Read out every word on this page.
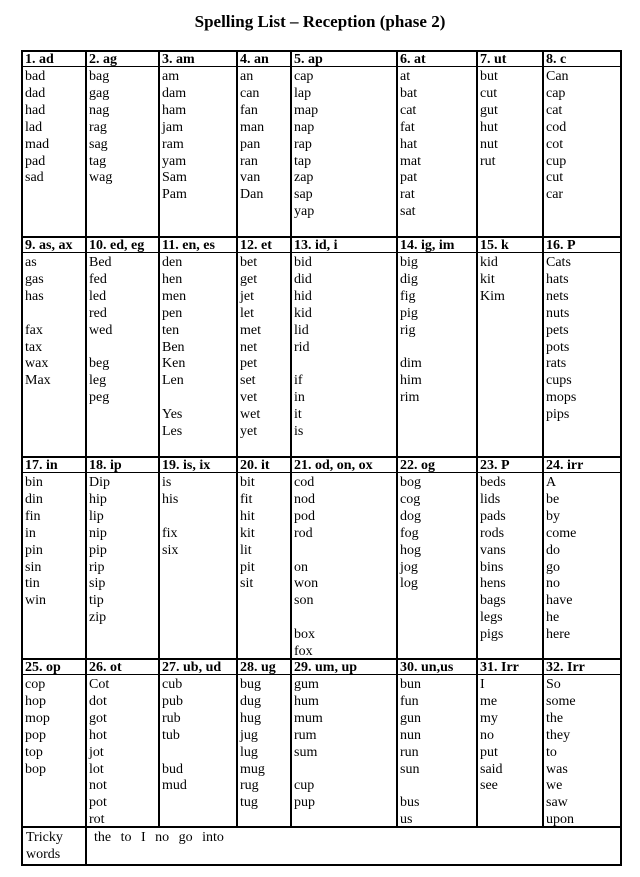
Spelling List – Reception (phase 2)
1. ad
bad
dad
had
lad
mad
pad
sad
2. ag
bag
gag
nag
rag
sag
tag
wag
3. am
am
dam
ham
jam
ram
yam
Sam
Pam
4. an
an
can
fan
man
pan
ran
van
Dan
5. ap
cap
lap
map
nap
rap
tap
zap
sap
yap
6. at
at
bat
cat
fat
hat
mat
pat
rat
sat
7. ut
but
cut
gut
hut
nut
rut
8. c
Can
cap
cat
cod
cot
cup
cut
car
9. as, ax
as
gas
has
fax
tax
wax
Max
10. ed, eg
Bed
fed
led
red
wed
beg
leg
peg
11. en, es
den
hen
men
pen
ten
Ben
Ken
Len
Yes
Les
12. et
bet
get
jet
let
met
net
pet
set
vet
wet
yet
13. id, i
bid
did
hid
kid
lid
rid
if
in
it
is
14. ig, im
big
dig
fig
pig
rig
dim
him
rim
15. k
kid
kit
Kim
16. P
Cats
hats
nets
nuts
pets
pots
rats
cups
mops
pips
17. in
bin
din
fin
in
pin
sin
tin
win
18. ip
Dip
hip
lip
nip
pip
rip
sip
tip
zip
19. is, ix
is
his
fix
six
20. it
bit
fit
hit
kit
lit
pit
sit
21. od, on, ox
cod
nod
pod
rod
on
won
son
box
fox
22. og
bog
cog
dog
fog
hog
jog
log
23. P
beds
lids
pads
rods
vans
bins
hens
bags
legs
pigs
24. irr
A
be
by
come
do
go
no
have
he
here
25. op
cop
hop
mop
pop
top
bop
26. ot
Cot
dot
got
hot
jot
lot
not
pot
rot
27. ub, ud
cub
pub
rub
tub
bud
mud
28. ug
bug
dug
hug
jug
lug
mug
rug
tug
29. um, up
gum
hum
mum
rum
sum
cup
pup
30. un,us
bun
fun
gun
nun
run
sun
bus
us
31. Irr
I
me
my
no
put
said
see
32. Irr
So
some
the
they
to
was
we
saw
upon
Tricky
words
the to I no go into
